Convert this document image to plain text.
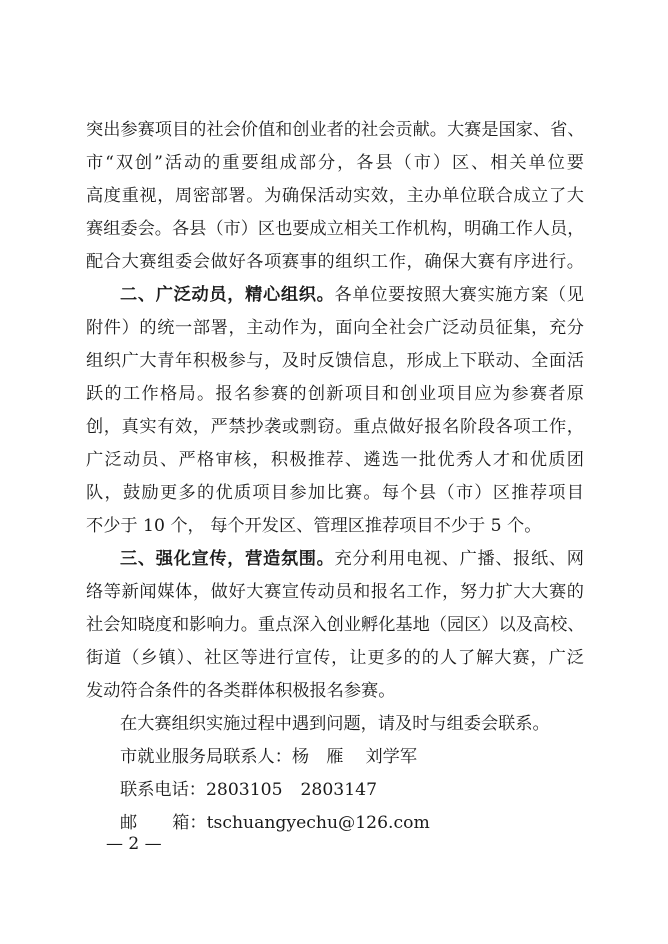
突出参赛项目的社会价值和创业者的社会贡献。大赛是国家、省、
市“双创”活动的重要组成部分，各县（市）区、相关单位要
高度重视，周密部署。为确保活动实效，主办单位联合成立了大
赛组委会。各县（市）区也要成立相关工作机构，明确工作人员，
配合大赛组委会做好各项赛事的组织工作，确保大赛有序进行。
二、广泛动员，精心组织。各单位要按照大赛实施方案（见
附件）的统一部署，主动作为，面向全社会广泛动员征集，充分
组织广大青年积极参与，及时反馈信息，形成上下联动、全面活
跃的工作格局。报名参赛的创新项目和创业项目应为参赛者原
创，真实有效，严禁抄袭或剽窃。重点做好报名阶段各项工作，
广泛动员、严格审核，积极推荐、遴选一批优秀人才和优质团
队，鼓励更多的优质项目参加比赛。每个县（市）区推荐项目
不少于 10 个， 每个开发区、管理区推荐项目不少于 5 个。
三、强化宣传，营造氛围。充分利用电视、广播、报纸、网
络等新闻媒体，做好大赛宣传动员和报名工作，努力扩大大赛的
社会知晓度和影响力。重点深入创业孵化基地（园区）以及高校、
街道（乡镇）、社区等进行宣传，让更多的的人了解大赛，广泛
发动符合条件的各类群体积极报名参赛。
在大赛组织实施过程中遇到问题，请及时与组委会联系。
市就业服务局联系人：杨　雁 刘学军
联系电话：2803105 2803147
邮 箱：tschuangyechu@126.com
— 2 —
